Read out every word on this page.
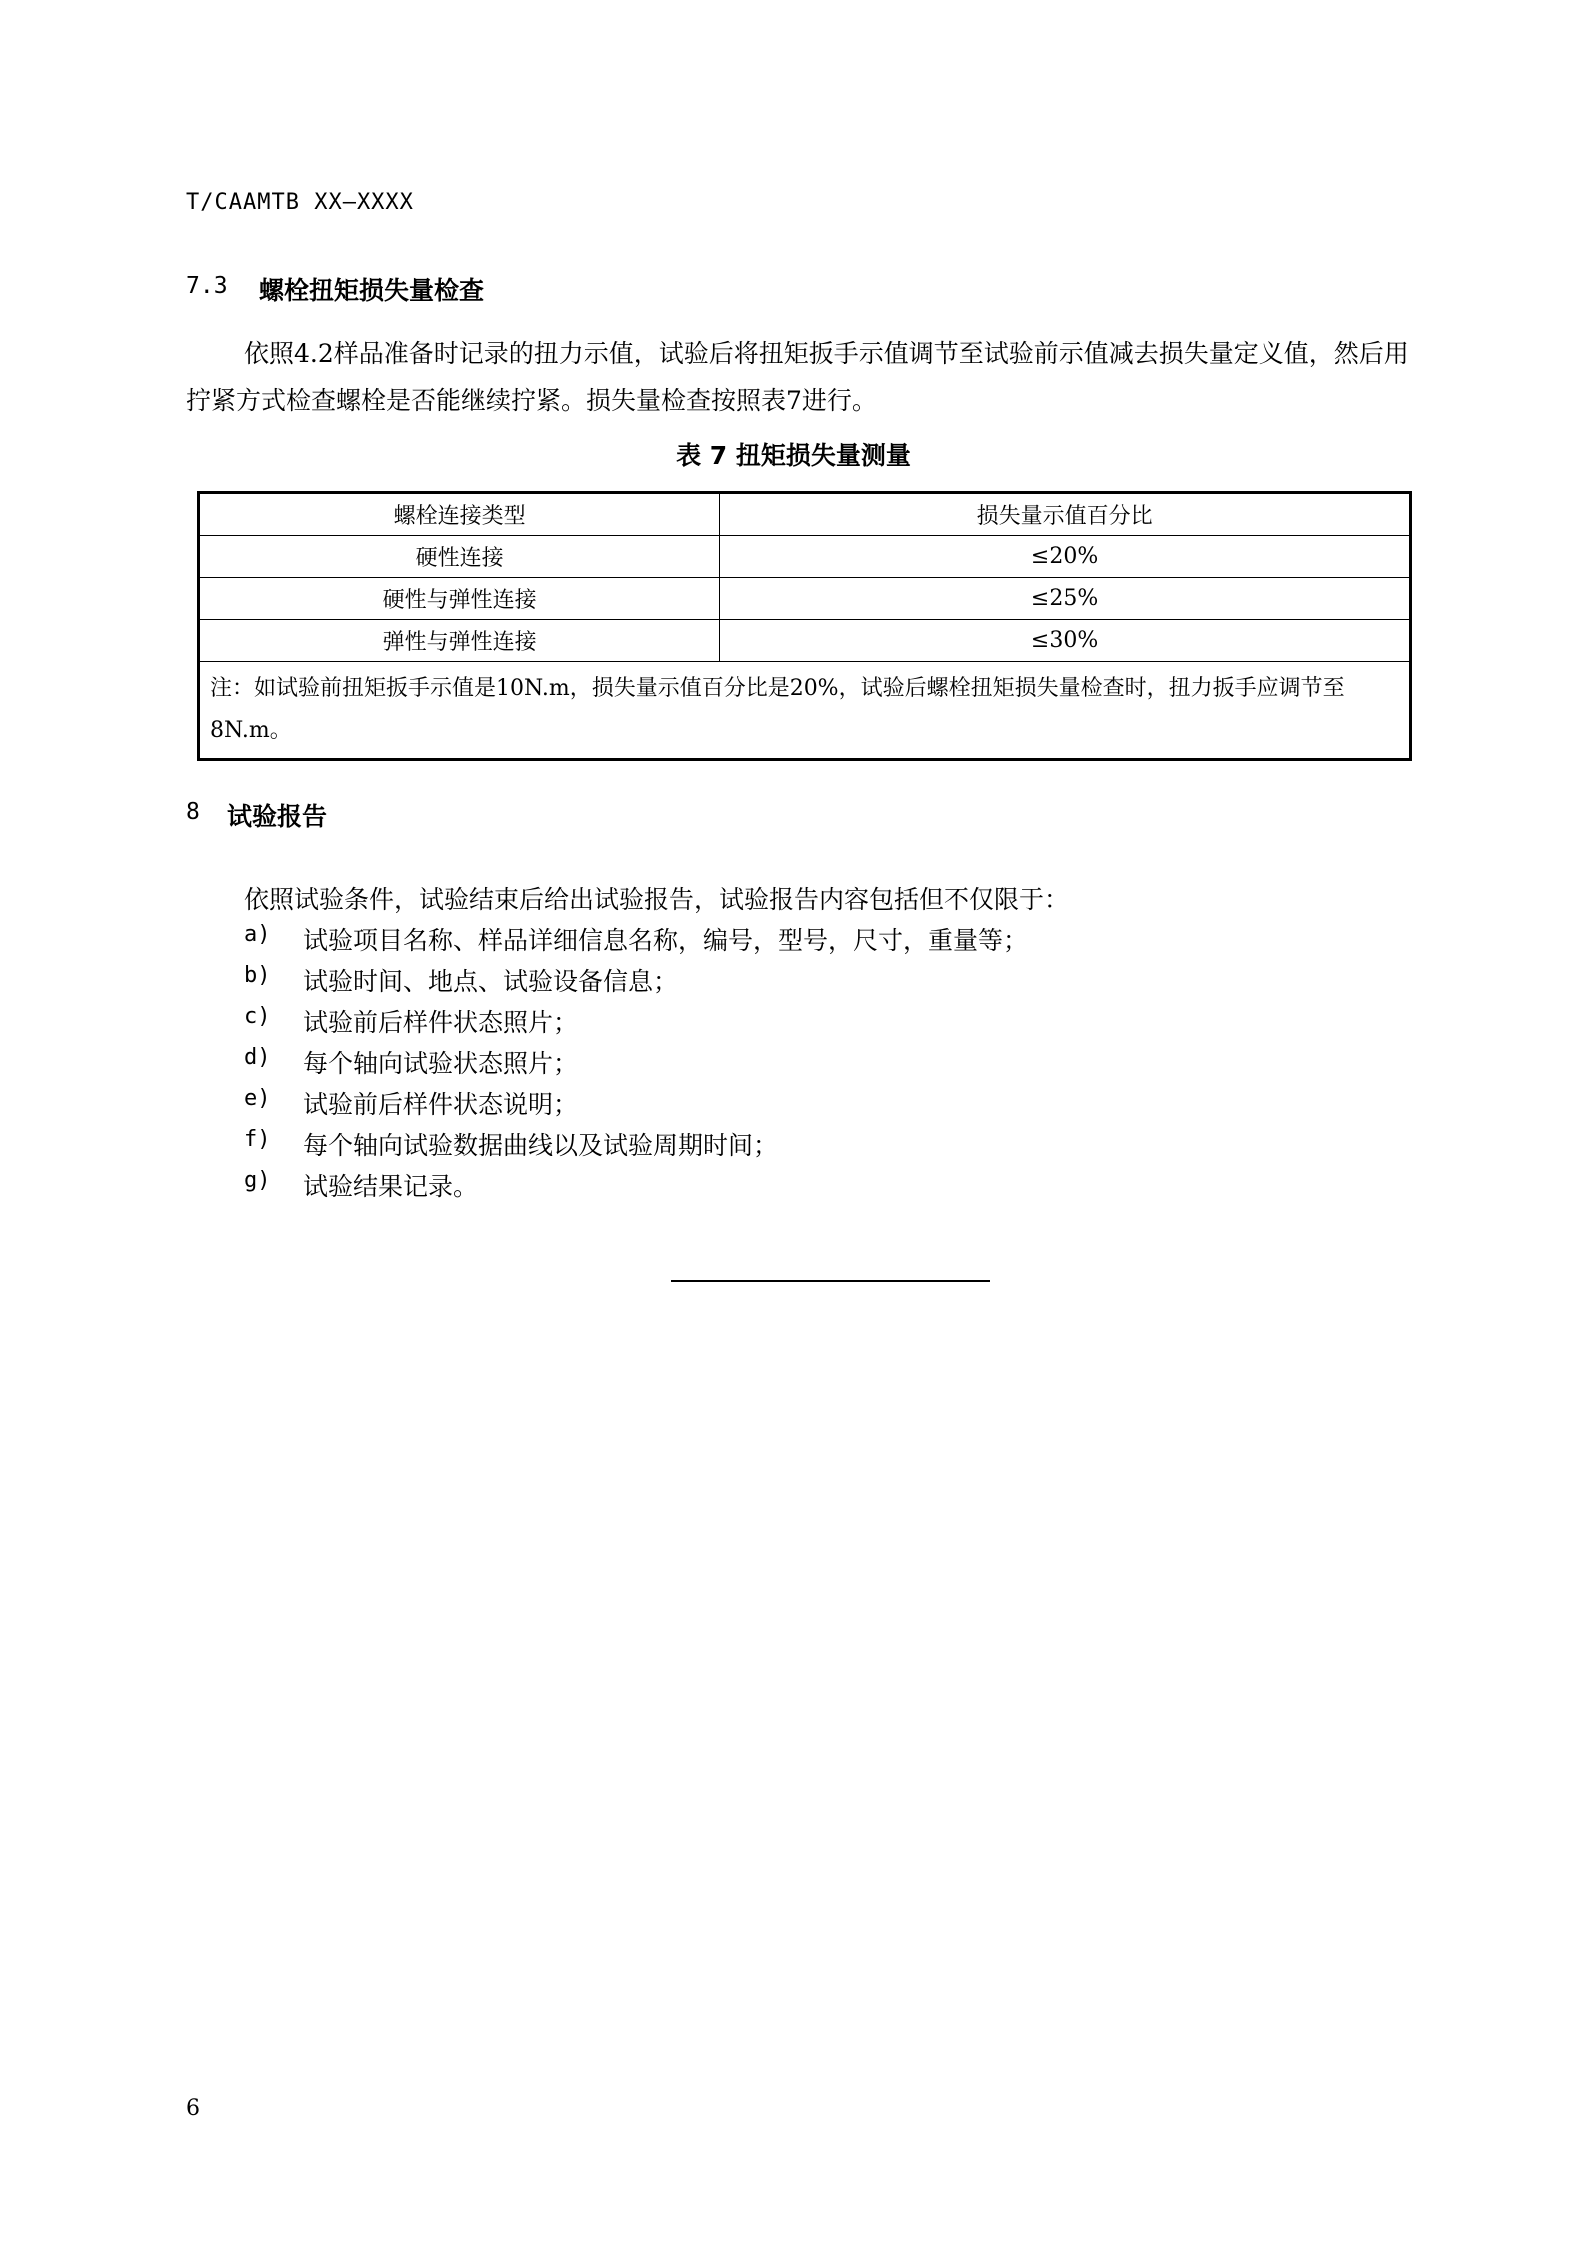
T/CAAMTB XX—XXXX
7.3 螺栓扭矩损失量检查
依照4.2样品准备时记录的扭力示值，试验后将扭矩扳手示值调节至试验前示值减去损失量定义值，然后用拧紧方式检查螺栓是否能继续拧紧。损失量检查按照表7进行。
表 7 扭矩损失量测量
螺栓连接类型	损失量示值百分比
硬性连接	≤20%
硬性与弹性连接	≤25%
弹性与弹性连接	≤30%
注：如试验前扭矩扳手示值是10N.m，损失量示值百分比是20%，试验后螺栓扭矩损失量检查时，扭力扳手应调节至8N.m。	
8 试验报告
依照试验条件，试验结束后给出试验报告，试验报告内容包括但不仅限于：
a) 试验项目名称、样品详细信息名称，编号，型号，尺寸，重量等；
b) 试验时间、地点、试验设备信息；
c) 试验前后样件状态照片；
d) 每个轴向试验状态照片；
e) 试验前后样件状态说明；
f) 每个轴向试验数据曲线以及试验周期时间；
g) 试验结果记录。
6
